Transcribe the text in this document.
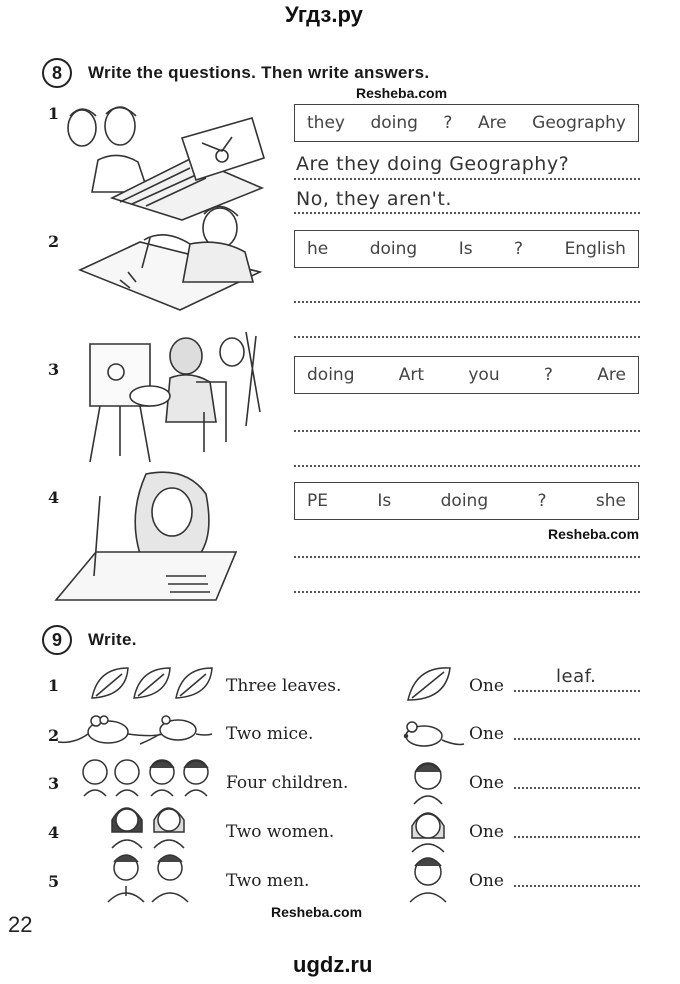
Угдз.ру
8	Write the questions. Then write answers.
Resheba.com
1	they doing ? Are Geography
Are they doing Geography?
No, they aren't.
2	he doing Is ? English
3	doing	Art	you	?	Are
4	PE	Is	doing	?	she
Resheba.com
9	Write.
1	Three leaves.	One	leaf.
2	Two mice.	One
3	Four children.	One
4	Two women.	One
5	Two men.	One
Resheba.com
22
ugdz.ru
